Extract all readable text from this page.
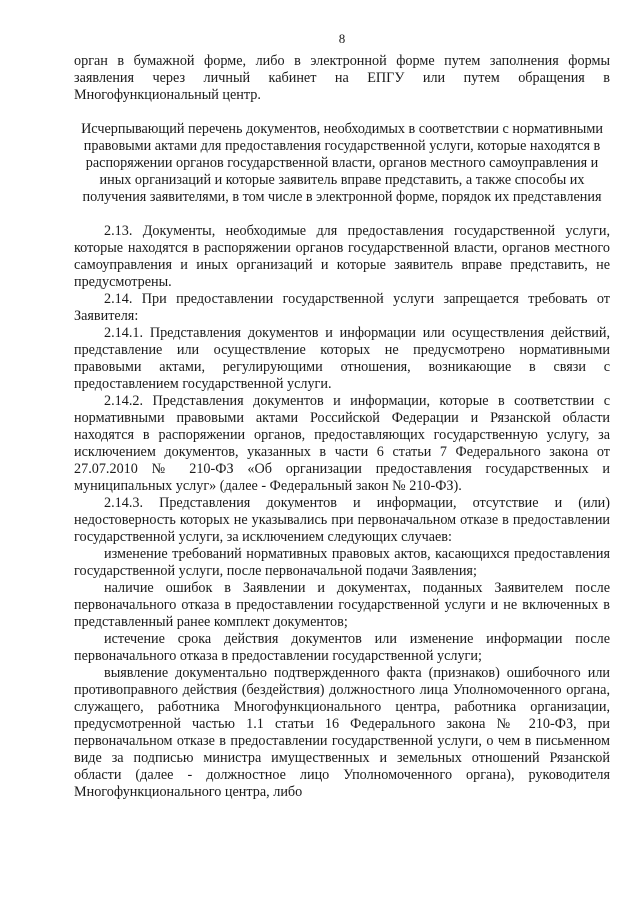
8

орган в бумажной форме, либо в электронной форме путем заполнения формы заявления через личный кабинет на ЕПГУ или путем обращения в Многофункциональный центр.

Исчерпывающий перечень документов, необходимых в соответствии с нормативными правовыми актами для предоставления государственной услуги, которые находятся в распоряжении органов государственной власти, органов местного самоуправления и иных организаций и которые заявитель вправе представить, а также способы их получения заявителями, в том числе в электронной форме, порядок их представления

2.13. Документы, необходимые для предоставления государственной услуги, которые находятся в распоряжении органов государственной власти, органов местного самоуправления и иных организаций и которые заявитель вправе представить, не предусмотрены.

2.14. При предоставлении государственной услуги запрещается требовать от Заявителя:

2.14.1. Представления документов и информации или осуществления действий, представление или осуществление которых не предусмотрено нормативными правовыми актами, регулирующими отношения, возникающие в связи с предоставлением государственной услуги.

2.14.2. Представления документов и информации, которые в соответствии с нормативными правовыми актами Российской Федерации и Рязанской области находятся в распоряжении органов, предоставляющих государственную услугу, за исключением документов, указанных в части 6 статьи 7 Федерального закона от 27.07.2010 № 210-ФЗ «Об организации предоставления государственных и муниципальных услуг» (далее - Федеральный закон № 210-ФЗ).

2.14.3. Представления документов и информации, отсутствие и (или) недостоверность которых не указывались при первоначальном отказе в предоставлении государственной услуги, за исключением следующих случаев:

изменение требований нормативных правовых актов, касающихся предоставления государственной услуги, после первоначальной подачи Заявления;

наличие ошибок в Заявлении и документах, поданных Заявителем после первоначального отказа в предоставлении государственной услуги и не включенных в представленный ранее комплект документов;

истечение срока действия документов или изменение информации после первоначального отказа в предоставлении государственной услуги;

выявление документально подтвержденного факта (признаков) ошибочного или противоправного действия (бездействия) должностного лица Уполномоченного органа, служащего, работника Многофункционального центра, работника организации, предусмотренной частью 1.1 статьи 16 Федерального закона № 210-ФЗ, при первоначальном отказе в предоставлении государственной услуги, о чем в письменном виде за подписью министра имущественных и земельных отношений Рязанской области (далее - должностное лицо Уполномоченного органа), руководителя Многофункционального центра, либо
